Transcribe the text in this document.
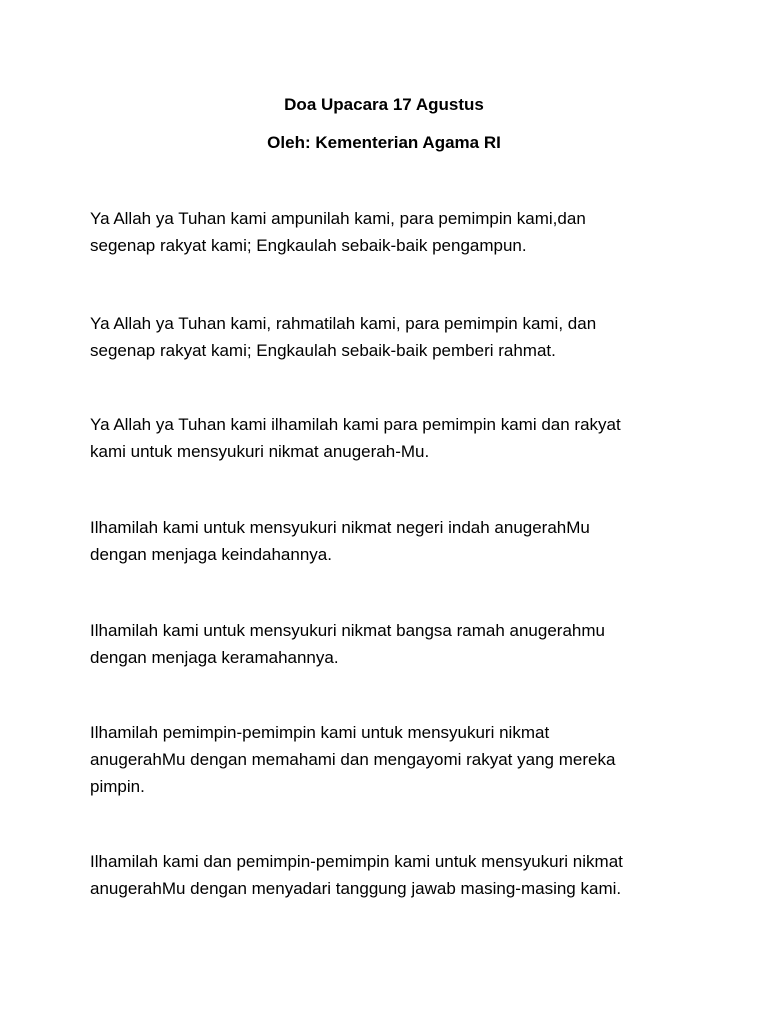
Doa Upacara 17 Agustus
Oleh: Kementerian Agama RI

Ya Allah ya Tuhan kami ampunilah kami, para pemimpin kami,dan
segenap rakyat kami; Engkaulah sebaik-baik pengampun.

Ya Allah ya Tuhan kami, rahmatilah kami, para pemimpin kami, dan
segenap rakyat kami; Engkaulah sebaik-baik pemberi rahmat.

Ya Allah ya Tuhan kami ilhamilah kami para pemimpin kami dan rakyat
kami untuk mensyukuri nikmat anugerah-Mu.

Ilhamilah kami untuk mensyukuri nikmat negeri indah anugerahMu
dengan menjaga keindahannya.

Ilhamilah kami untuk mensyukuri nikmat bangsa ramah anugerahmu
dengan menjaga keramahannya.

Ilhamilah pemimpin-pemimpin kami untuk mensyukuri nikmat
anugerahMu dengan memahami dan mengayomi rakyat yang mereka
pimpin.

Ilhamilah kami dan pemimpin-pemimpin kami untuk mensyukuri nikmat
anugerahMu dengan menyadari tanggung jawab masing-masing kami.
